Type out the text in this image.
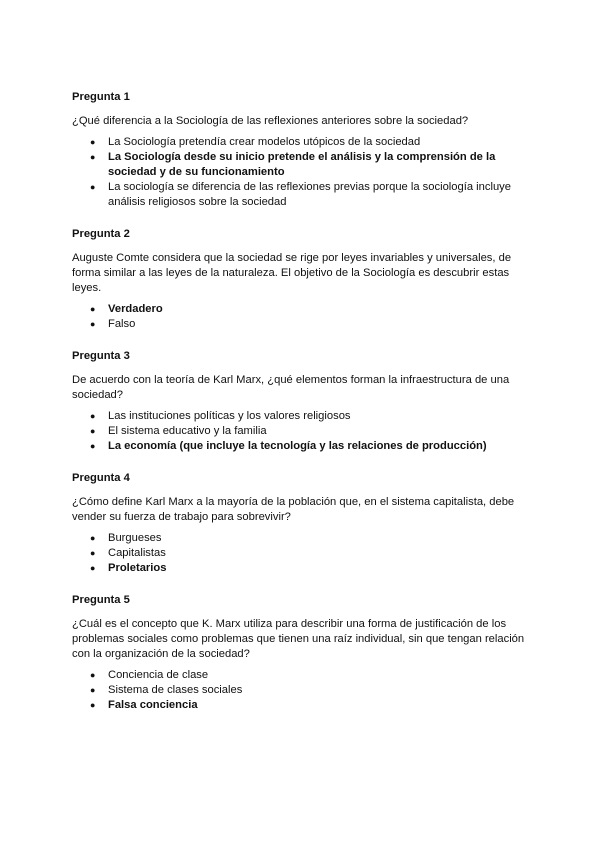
Pregunta 1
¿Qué diferencia a la Sociología de las reflexiones anteriores sobre la sociedad?
● La Sociología pretendía crear modelos utópicos de la sociedad
● La Sociología desde su inicio pretende el análisis y la comprensión de la sociedad y de su funcionamiento
● La sociología se diferencia de las reflexiones previas porque la sociología incluye análisis religiosos sobre la sociedad
Pregunta 2
Auguste Comte considera que la sociedad se rige por leyes invariables y universales, de forma similar a las leyes de la naturaleza. El objetivo de la Sociología es descubrir estas leyes.
● Verdadero
● Falso
Pregunta 3
De acuerdo con la teoría de Karl Marx, ¿qué elementos forman la infraestructura de una sociedad?
● Las instituciones políticas y los valores religiosos
● El sistema educativo y la familia
● La economía (que incluye la tecnología y las relaciones de producción)
Pregunta 4
¿Cómo define Karl Marx a la mayoría de la población que, en el sistema capitalista, debe vender su fuerza de trabajo para sobrevivir?
● Burgueses
● Capitalistas
● Proletarios
Pregunta 5
¿Cuál es el concepto que K. Marx utiliza para describir una forma de justificación de los problemas sociales como problemas que tienen una raíz individual, sin que tengan relación con la organización de la sociedad?
● Conciencia de clase
● Sistema de clases sociales
● Falsa conciencia
